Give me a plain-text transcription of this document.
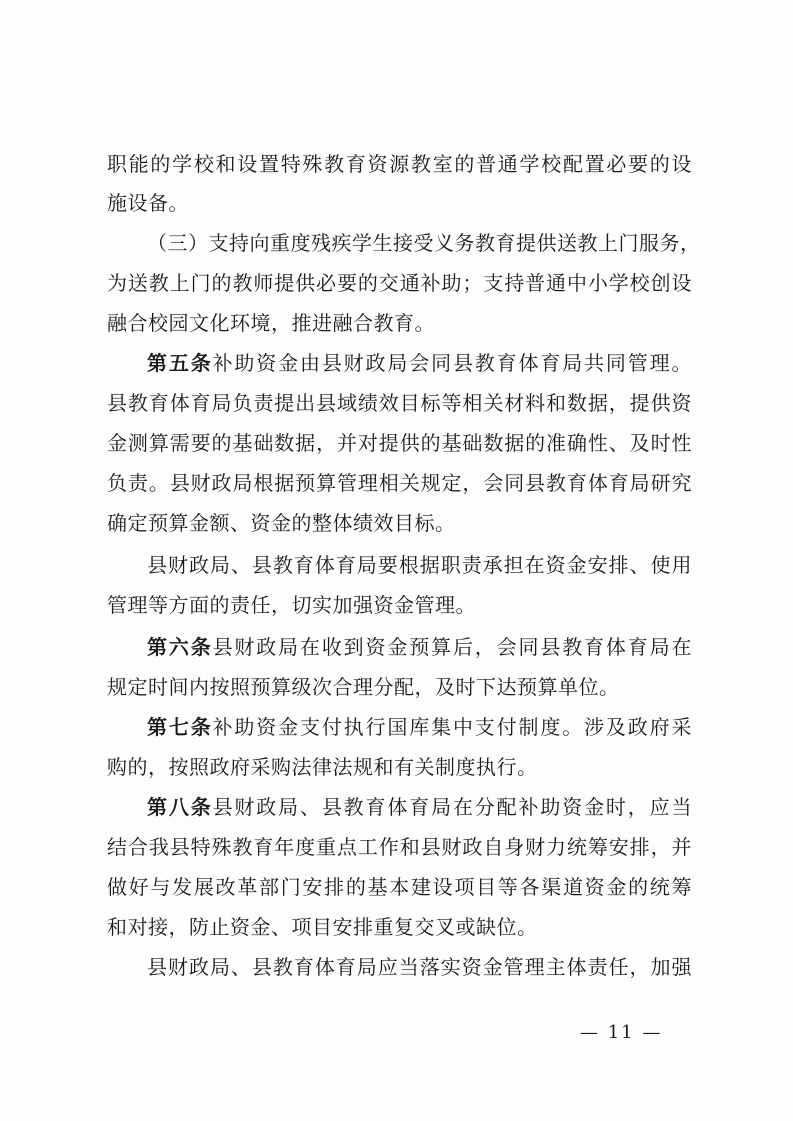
职能的学校和设置特殊教育资源教室的普通学校配置必要的设
施设备。
（三）支持向重度残疾学生接受义务教育提供送教上门服务，
为送教上门的教师提供必要的交通补助；支持普通中小学校创设
融合校园文化环境，推进融合教育。
第五条补助资金由县财政局会同县教育体育局共同管理。
县教育体育局负责提出县域绩效目标等相关材料和数据，提供资
金测算需要的基础数据，并对提供的基础数据的准确性、及时性
负责。县财政局根据预算管理相关规定，会同县教育体育局研究
确定预算金额、资金的整体绩效目标。
县财政局、县教育体育局要根据职责承担在资金安排、使用
管理等方面的责任，切实加强资金管理。
第六条县财政局在收到资金预算后，会同县教育体育局在
规定时间内按照预算级次合理分配，及时下达预算单位。
第七条补助资金支付执行国库集中支付制度。涉及政府采
购的，按照政府采购法律法规和有关制度执行。
第八条县财政局、县教育体育局在分配补助资金时，应当
结合我县特殊教育年度重点工作和县财政自身财力统筹安排，并
做好与发展改革部门安排的基本建设项目等各渠道资金的统筹
和对接，防止资金、项目安排重复交叉或缺位。
县财政局、县教育体育局应当落实资金管理主体责任，加强
— 11 —
